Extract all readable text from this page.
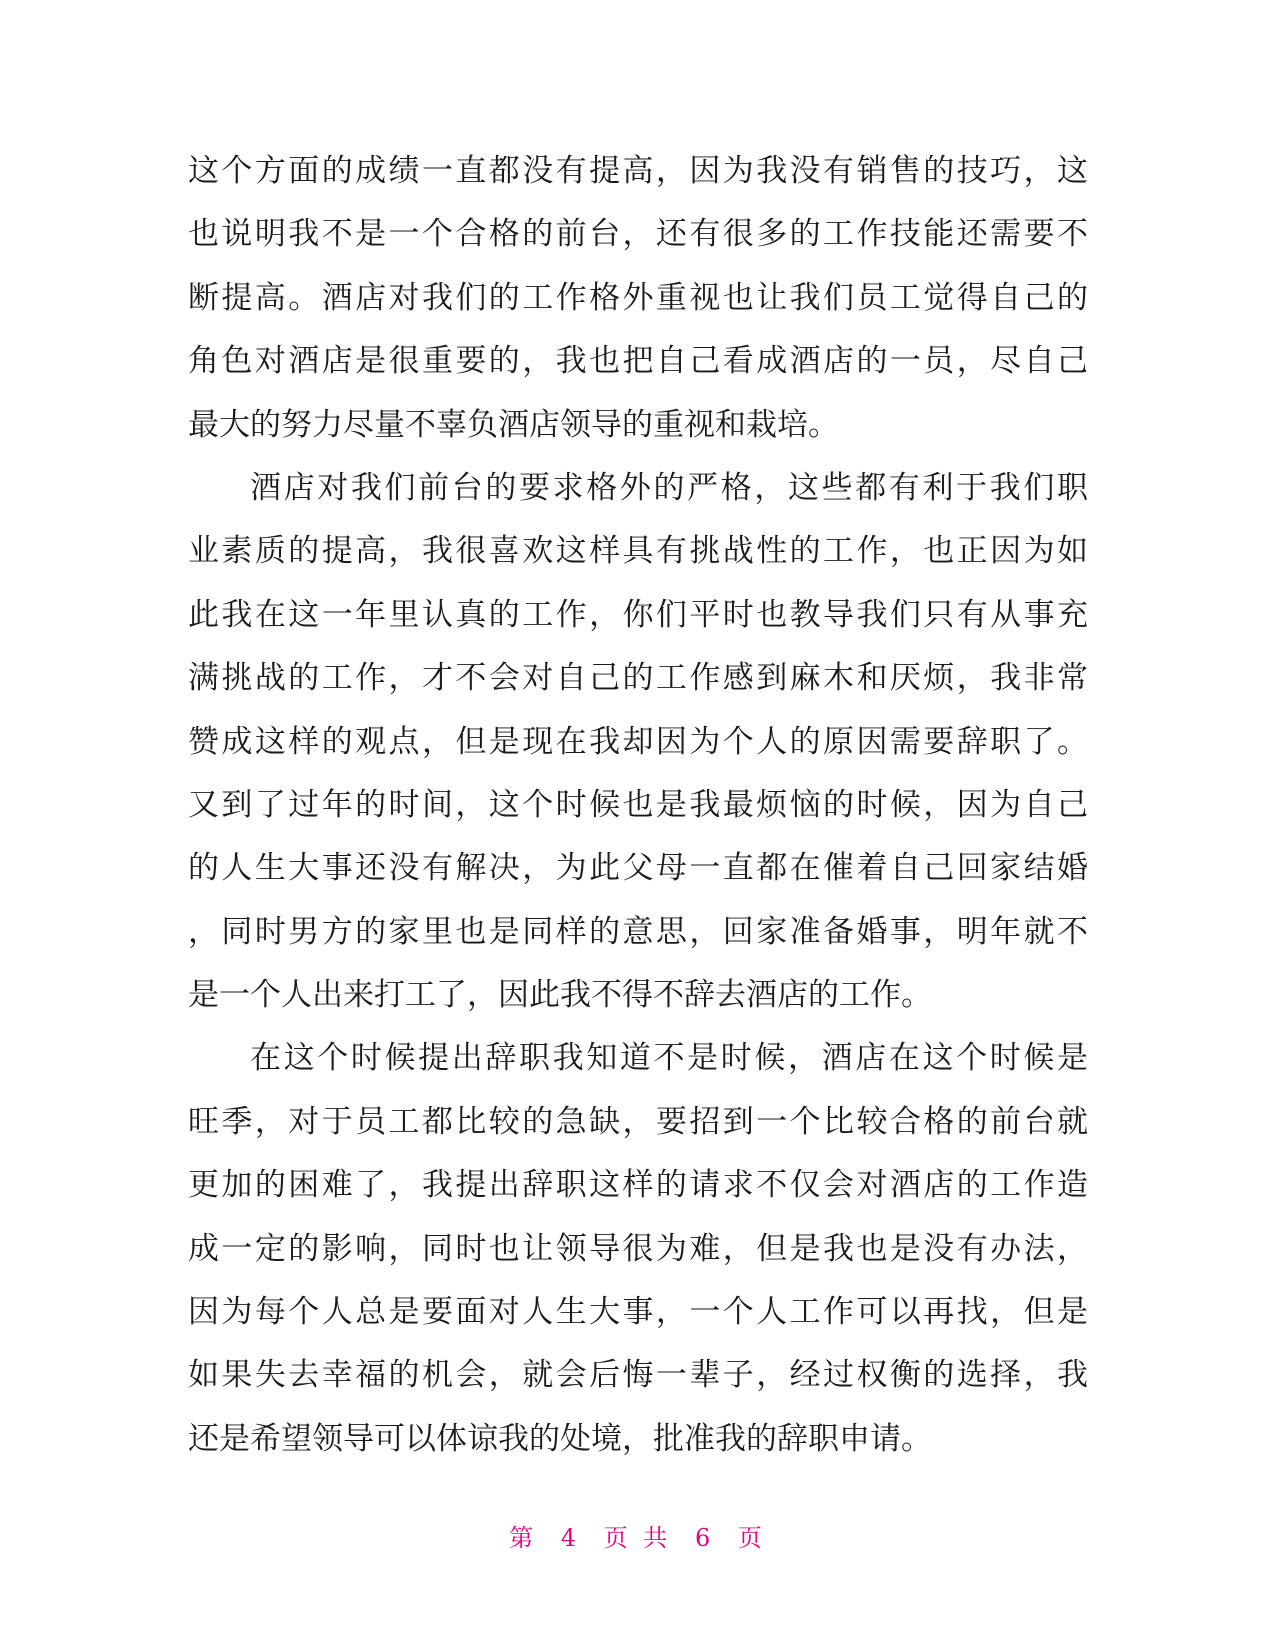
这个方面的成绩一直都没有提高，因为我没有销售的技巧，这
也说明我不是一个合格的前台，还有很多的工作技能还需要不
断提高。酒店对我们的工作格外重视也让我们员工觉得自己的
角色对酒店是很重要的，我也把自己看成酒店的一员，尽自己
最大的努力尽量不辜负酒店领导的重视和栽培。
酒店对我们前台的要求格外的严格，这些都有利于我们职
业素质的提高，我很喜欢这样具有挑战性的工作，也正因为如
此我在这一年里认真的工作，你们平时也教导我们只有从事充
满挑战的工作，才不会对自己的工作感到麻木和厌烦，我非常
赞成这样的观点，但是现在我却因为个人的原因需要辞职了。
又到了过年的时间，这个时候也是我最烦恼的时候，因为自己
的人生大事还没有解决，为此父母一直都在催着自己回家结婚
，同时男方的家里也是同样的意思，回家准备婚事，明年就不
是一个人出来打工了，因此我不得不辞去酒店的工作。
在这个时候提出辞职我知道不是时候，酒店在这个时候是
旺季，对于员工都比较的急缺，要招到一个比较合格的前台就
更加的困难了，我提出辞职这样的请求不仅会对酒店的工作造
成一定的影响，同时也让领导很为难，但是我也是没有办法，
因为每个人总是要面对人生大事，一个人工作可以再找，但是
如果失去幸福的机会，就会后悔一辈子，经过权衡的选择，我
还是希望领导可以体谅我的处境，批准我的辞职申请。
第 4 页 共 6 页
